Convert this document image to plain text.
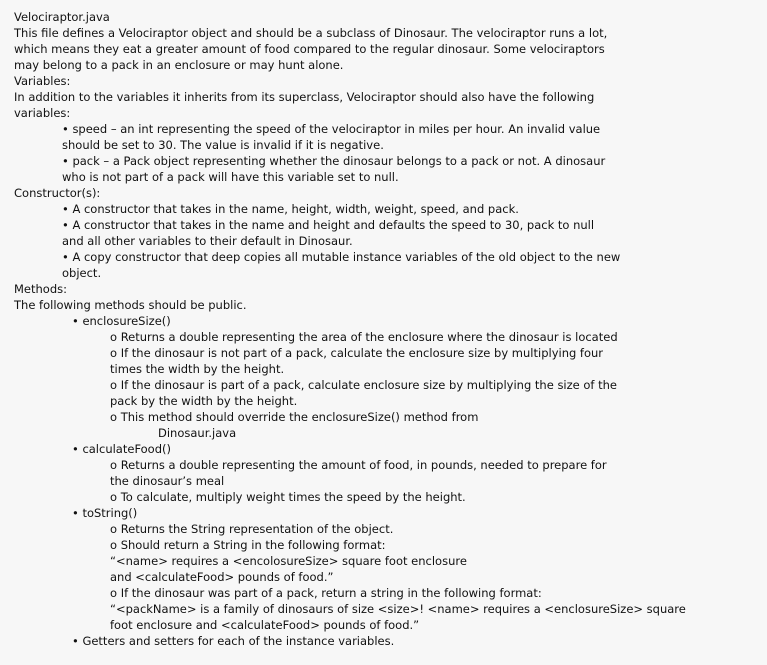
Velociraptor.java
This file defines a Velociraptor object and should be a subclass of Dinosaur. The velociraptor runs a lot,
which means they eat a greater amount of food compared to the regular dinosaur. Some velociraptors
may belong to a pack in an enclosure or may hunt alone.
Variables:
In addition to the variables it inherits from its superclass, Velociraptor should also have the following
variables:
• speed – an int representing the speed of the velociraptor in miles per hour. An invalid value
should be set to 30. The value is invalid if it is negative.
• pack – a Pack object representing whether the dinosaur belongs to a pack or not. A dinosaur
who is not part of a pack will have this variable set to null.
Constructor(s):
• A constructor that takes in the name, height, width, weight, speed, and pack.
• A constructor that takes in the name and height and defaults the speed to 30, pack to null
and all other variables to their default in Dinosaur.
• A copy constructor that deep copies all mutable instance variables of the old object to the new
object.
Methods:
The following methods should be public.
• enclosureSize()
o Returns a double representing the area of the enclosure where the dinosaur is located
o If the dinosaur is not part of a pack, calculate the enclosure size by multiplying four
times the width by the height.
o If the dinosaur is part of a pack, calculate enclosure size by multiplying the size of the
pack by the width by the height.
o This method should override the enclosureSize() method from
Dinosaur.java
• calculateFood()
o Returns a double representing the amount of food, in pounds, needed to prepare for
the dinosaur’s meal
o To calculate, multiply weight times the speed by the height.
• toString()
o Returns the String representation of the object.
o Should return a String in the following format:
“<name> requires a <encolosureSize> square foot enclosure
and <calculateFood> pounds of food.”
o If the dinosaur was part of a pack, return a string in the following format:
“<packName> is a family of dinosaurs of size <size>! <name> requires a <enclosureSize> square
foot enclosure and <calculateFood> pounds of food.”
• Getters and setters for each of the instance variables.
